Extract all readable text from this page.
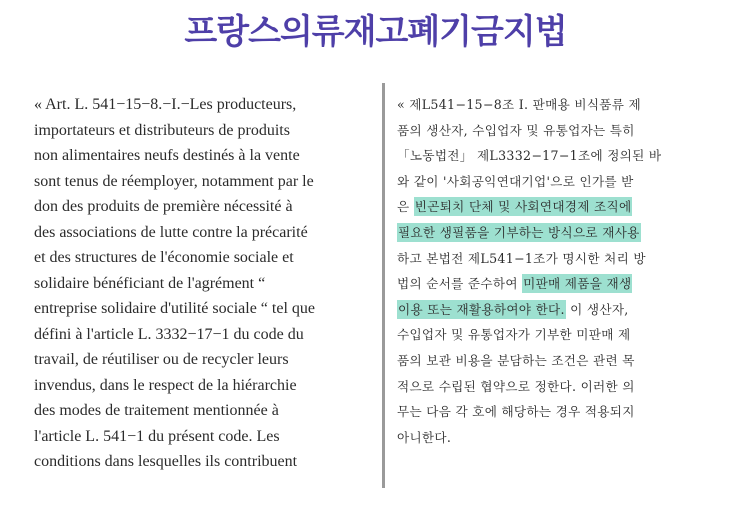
프랑스의류재고폐기금지법
« Art. L. 541−15−8.−I.−Les producteurs,
importateurs et distributeurs de produits
non alimentaires neufs destinés à la vente
sont tenus de réemployer, notamment par le
don des produits de première nécessité à
des associations de lutte contre la précarité
et des structures de l'économie sociale et
solidaire bénéficiant de l'agrément “
entreprise solidaire d'utilité sociale “ tel que
défini à l'article L. 3332−17−1 du code du
travail, de réutiliser ou de recycler leurs
invendus, dans le respect de la hiérarchie
des modes de traitement mentionnée à
l'article L. 541−1 du présent code. Les
conditions dans lesquelles ils contribuent
« 제L541−15−8조 I. 판매용 비식품류 제
품의 생산자, 수입업자 및 유통업자는 특히
「노동법전」 제L3332−17−1조에 정의된 바
와 같이 '사회공익연대기업'으로 인가를 받
은 빈곤퇴치 단체 및 사회연대경제 조직에
필요한 생필품을 기부하는 방식으로 재사용
하고 본법전 제L541−1조가 명시한 처리 방
법의 순서를 준수하여 미판매 제품을 재생
이용 또는 재활용하여야 한다. 이 생산자,
수입업자 및 유통업자가 기부한 미판매 제
품의 보관 비용을 분담하는 조건은 관련 목
적으로 수립된 협약으로 정한다. 이러한 의
무는 다음 각 호에 해당하는 경우 적용되지
아니한다.
